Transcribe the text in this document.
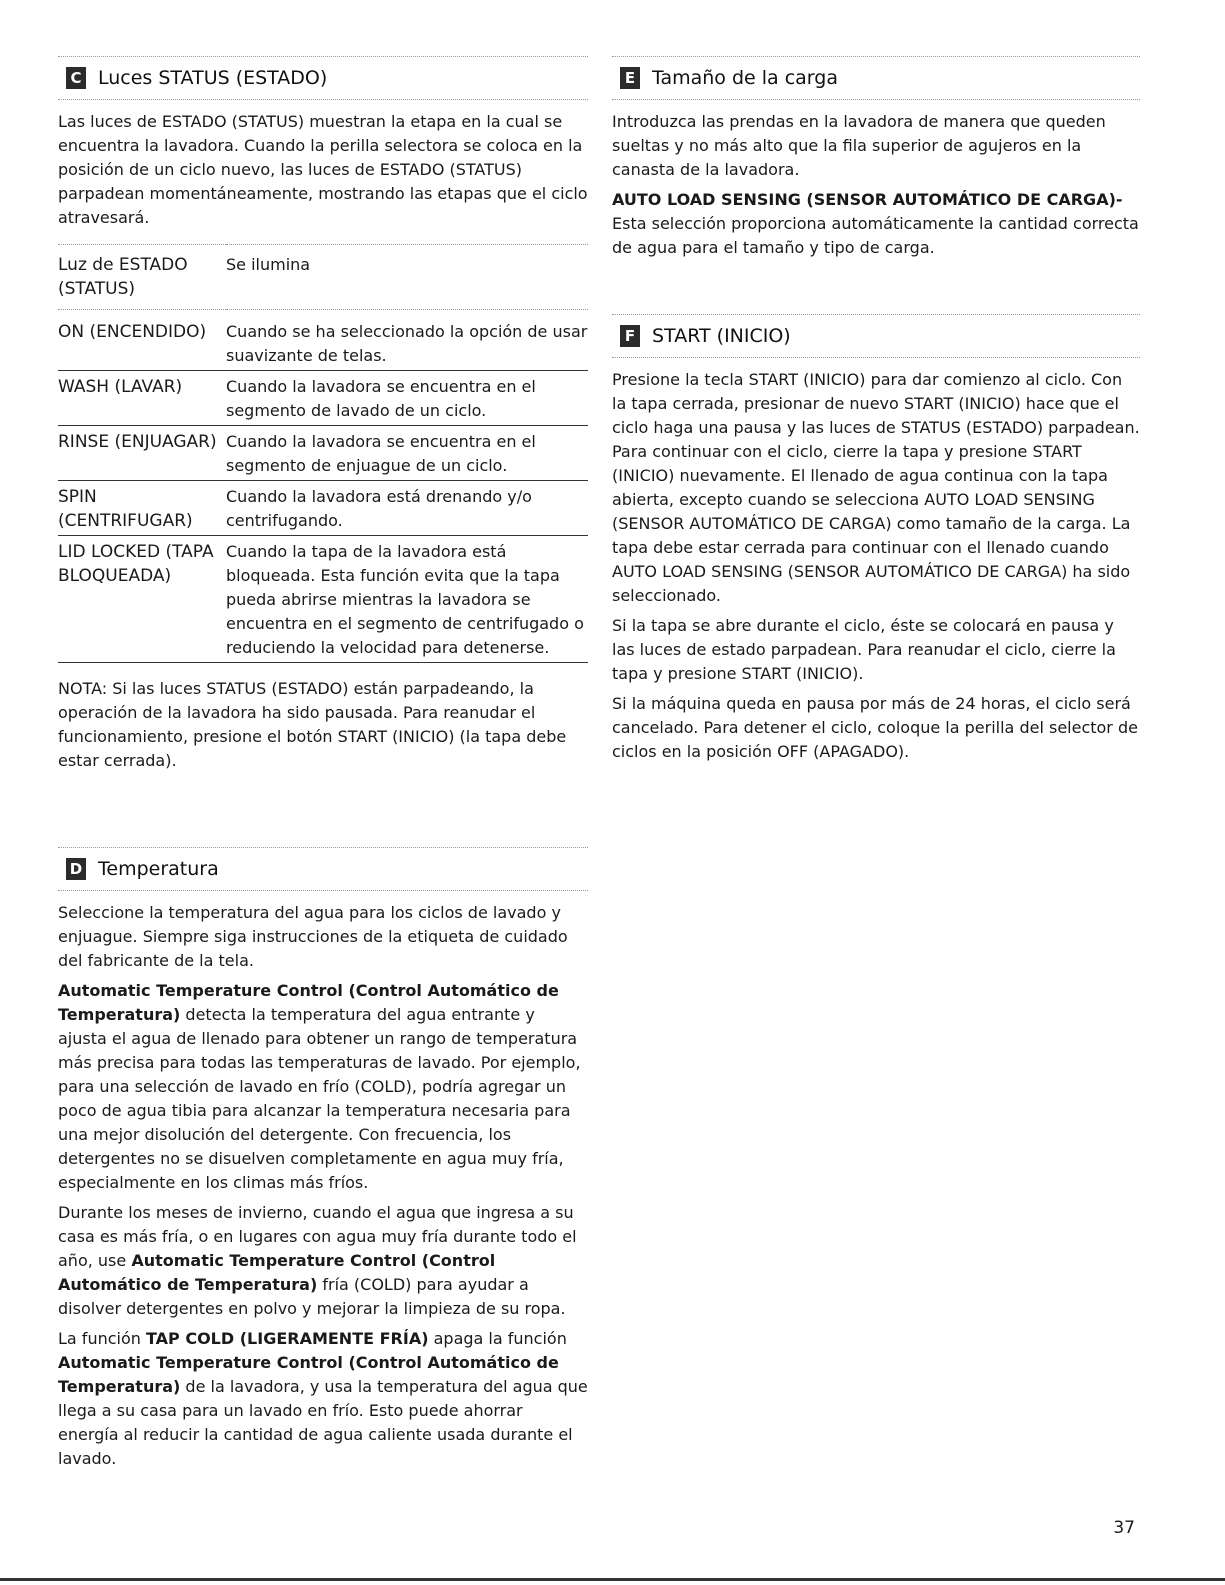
C Luces STATUS (ESTADO)

Las luces de ESTADO (STATUS) muestran la etapa en la cual se encuentra la lavadora. Cuando la perilla selectora se coloca en la posición de un ciclo nuevo, las luces de ESTADO (STATUS) parpadean momentáneamente, mostrando las etapas que el ciclo atravesará.

Luz de ESTADO (STATUS)	Se ilumina
ON (ENCENDIDO)	Cuando se ha seleccionado la opción de usar suavizante de telas.
WASH (LAVAR)	Cuando la lavadora se encuentra en el segmento de lavado de un ciclo.
RINSE (ENJUAGAR)	Cuando la lavadora se encuentra en el segmento de enjuague de un ciclo.
SPIN (CENTRIFUGAR)	Cuando la lavadora está drenando y/o centrifugando.
LID LOCKED (TAPA BLOQUEADA)	Cuando la tapa de la lavadora está bloqueada. Esta función evita que la tapa pueda abrirse mientras la lavadora se encuentra en el segmento de centrifugado o reduciendo la velocidad para detenerse.

NOTA: Si las luces STATUS (ESTADO) están parpadeando, la operación de la lavadora ha sido pausada. Para reanudar el funcionamiento, presione el botón START (INICIO) (la tapa debe estar cerrada).

D Temperatura

Seleccione la temperatura del agua para los ciclos de lavado y enjuague. Siempre siga instrucciones de la etiqueta de cuidado del fabricante de la tela.

Automatic Temperature Control (Control Automático de Temperatura) detecta la temperatura del agua entrante y ajusta el agua de llenado para obtener un rango de temperatura más precisa para todas las temperaturas de lavado. Por ejemplo, para una selección de lavado en frío (COLD), podría agregar un poco de agua tibia para alcanzar la temperatura necesaria para una mejor disolución del detergente. Con frecuencia, los detergentes no se disuelven completamente en agua muy fría, especialmente en los climas más fríos.

Durante los meses de invierno, cuando el agua que ingresa a su casa es más fría, o en lugares con agua muy fría durante todo el año, use Automatic Temperature Control (Control Automático de Temperatura) fría (COLD) para ayudar a disolver detergentes en polvo y mejorar la limpieza de su ropa.

La función TAP COLD (LIGERAMENTE FRÍA) apaga la función Automatic Temperature Control (Control Automático de Temperatura) de la lavadora, y usa la temperatura del agua que llega a su casa para un lavado en frío. Esto puede ahorrar energía al reducir la cantidad de agua caliente usada durante el lavado.

E Tamaño de la carga

Introduzca las prendas en la lavadora de manera que queden sueltas y no más alto que la fila superior de agujeros en la canasta de la lavadora.

AUTO LOAD SENSING (SENSOR AUTOMÁTICO DE CARGA)-

Esta selección proporciona automáticamente la cantidad correcta de agua para el tamaño y tipo de carga.

F START (INICIO)

Presione la tecla START (INICIO) para dar comienzo al ciclo. Con la tapa cerrada, presionar de nuevo START (INICIO) hace que el ciclo haga una pausa y las luces de STATUS (ESTADO) parpadean. Para continuar con el ciclo, cierre la tapa y presione START (INICIO) nuevamente. El llenado de agua continua con la tapa abierta, excepto cuando se selecciona AUTO LOAD SENSING (SENSOR AUTOMÁTICO DE CARGA) como tamaño de la carga. La tapa debe estar cerrada para continuar con el llenado cuando AUTO LOAD SENSING (SENSOR AUTOMÁTICO DE CARGA) ha sido seleccionado.

Si la tapa se abre durante el ciclo, éste se colocará en pausa y las luces de estado parpadean. Para reanudar el ciclo, cierre la tapa y presione START (INICIO).

Si la máquina queda en pausa por más de 24 horas, el ciclo será cancelado. Para detener el ciclo, coloque la perilla del selector de ciclos en la posición OFF (APAGADO).

37
